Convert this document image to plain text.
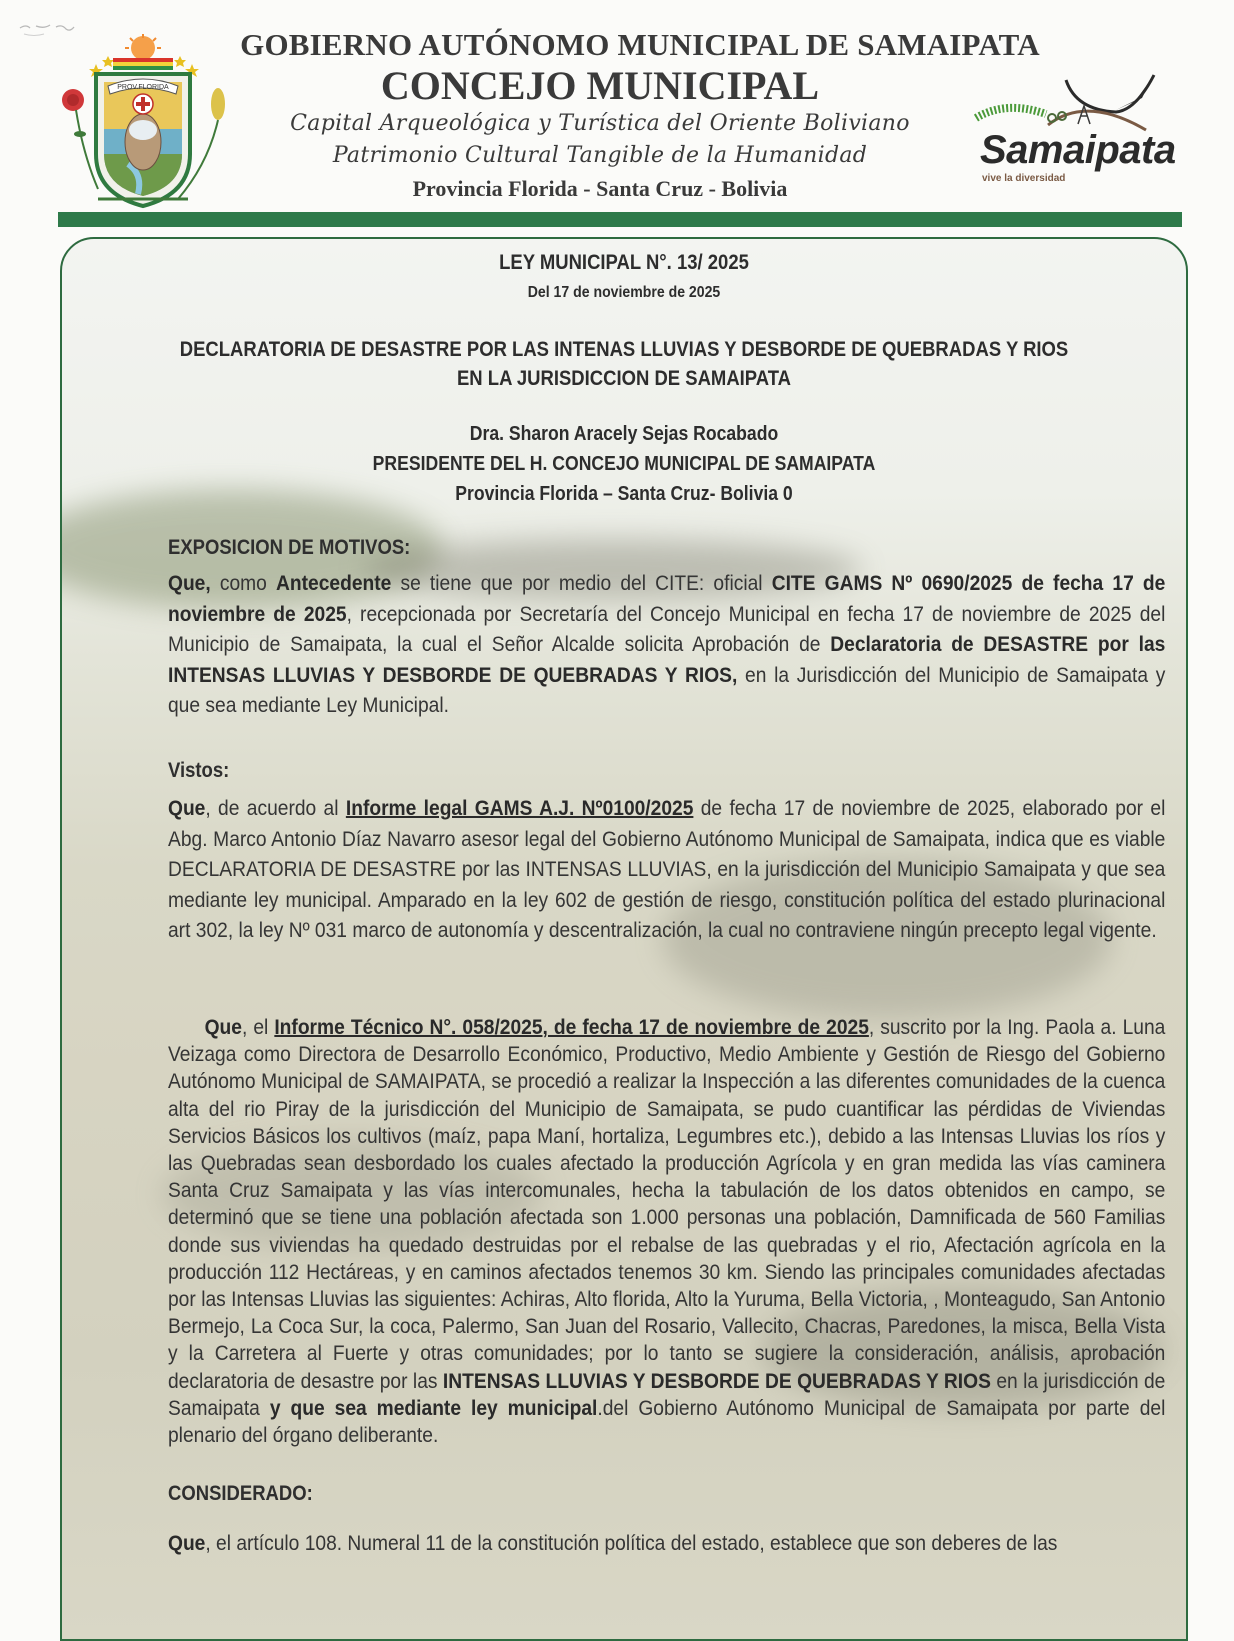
PROV.FLORIDA
GOBIERNO AUTÓNOMO MUNICIPAL DE SAMAIPATA
CONCEJO MUNICIPAL
Capital Arqueológica y Turística del Oriente Boliviano
Patrimonio Cultural Tangible de la Humanidad
Provincia Florida - Santa Cruz - Bolivia
Samaipata
vive la diversidad
LEY MUNICIPAL N°. 13/ 2025
Del 17 de noviembre de 2025
DECLARATORIA DE DESASTRE POR LAS INTENAS LLUVIAS Y DESBORDE DE QUEBRADAS Y RIOS
EN LA JURISDICCION DE SAMAIPATA
Dra. Sharon Aracely Sejas Rocabado
PRESIDENTE DEL H. CONCEJO MUNICIPAL DE SAMAIPATA
Provincia Florida – Santa Cruz- Bolivia 0
EXPOSICION DE MOTIVOS:

Que, como Antecedente se tiene que por medio del CITE: oficial CITE GAMS Nº 0690/2025 de fecha 17 de noviembre de 2025, recepcionada por Secretaría del Concejo Municipal en fecha 17 de noviembre de 2025 del Municipio de Samaipata, la cual el Señor Alcalde solicita Aprobación de Declaratoria de DESASTRE por las INTENSAS LLUVIAS Y DESBORDE DE QUEBRADAS Y RIOS, en la Jurisdicción del Municipio de Samaipata y que sea mediante Ley Municipal.

Vistos:

Que, de acuerdo al Informe legal GAMS A.J. Nº0100/2025 de fecha 17 de noviembre de 2025, elaborado por el Abg. Marco Antonio Díaz Navarro asesor legal del Gobierno Autónomo Municipal de Samaipata, indica que es viable DECLARATORIA DE DESASTRE por las INTENSAS LLUVIAS, en la jurisdicción del Municipio Samaipata y que sea mediante ley municipal. Amparado en la ley 602 de gestión de riesgo, constitución política del estado plurinacional art 302, la ley Nº 031 marco de autonomía y descentralización, la cual no contraviene ningún precepto legal vigente.

Que, el Informe Técnico N°. 058/2025, de fecha 17 de noviembre de 2025, suscrito por la Ing. Paola a. Luna Veizaga como Directora de Desarrollo Económico, Productivo, Medio Ambiente y Gestión de Riesgo del Gobierno Autónomo Municipal de SAMAIPATA, se procedió a realizar la Inspección a las diferentes comunidades de la cuenca alta del rio Piray de la jurisdicción del Municipio de Samaipata, se pudo cuantificar las pérdidas de Viviendas Servicios Básicos los cultivos (maíz, papa Maní, hortaliza, Legumbres etc.), debido a las Intensas Lluvias los ríos y las Quebradas sean desbordado los cuales afectado la producción Agrícola y en gran medida las vías caminera Santa Cruz Samaipata y las vías intercomunales, hecha la tabulación de los datos obtenidos en campo, se determinó que se tiene una población afectada son 1.000 personas una población, Damnificada de 560 Familias donde sus viviendas ha quedado destruidas por el rebalse de las quebradas y el rio, Afectación agrícola en la producción 112 Hectáreas, y en caminos afectados tenemos 30 km. Siendo las principales comunidades afectadas por las Intensas Lluvias las siguientes: Achiras, Alto florida, Alto la Yuruma, Bella Victoria, , Monteagudo, San Antonio Bermejo, La Coca Sur, la coca, Palermo, San Juan del Rosario, Vallecito, Chacras, Paredones, la misca, Bella Vista y la Carretera al Fuerte y otras comunidades; por lo tanto se sugiere la consideración, análisis, aprobación declaratoria de desastre por las INTENSAS LLUVIAS Y DESBORDE DE QUEBRADAS Y RIOS en la jurisdicción de Samaipata y que sea mediante ley municipal.del Gobierno Autónomo Municipal de Samaipata por parte del plenario del órgano deliberante.

CONSIDERADO:

Que, el artículo 108. Numeral 11 de la constitución política del estado, establece que son deberes de las
